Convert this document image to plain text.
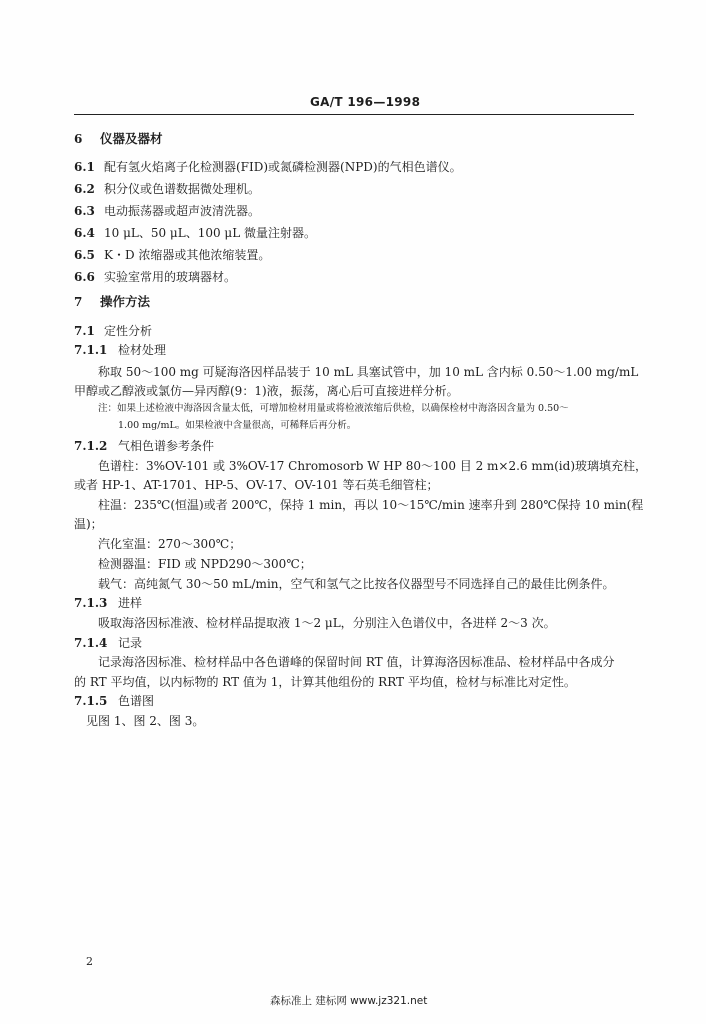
GA/T 196—1998
6 仪器及器材
6.1 配有氢火焰离子化检测器(FID)或氮磷检测器(NPD)的气相色谱仪。
6.2 积分仪或色谱数据微处理机。
6.3 电动振荡器或超声波清洗器。
6.4 10 μL、50 μL、100 μL 微量注射器。
6.5 K・D 浓缩器或其他浓缩装置。
6.6 实验室常用的玻璃器材。
7 操作方法
7.1 定性分析
7.1.1 检材处理
称取 50～100 mg 可疑海洛因样品装于 10 mL 具塞试管中，加 10 mL 含内标 0.50～1.00 mg/mL
甲醇或乙醇液或氯仿—异丙醇(9：1)液，振荡，离心后可直接进样分析。
注：如果上述检液中海洛因含量太低，可增加检材用量或将检液浓缩后供检，以确保检材中海洛因含量为 0.50～
1.00 mg/mL。如果检液中含量很高，可稀释后再分析。
7.1.2 气相色谱参考条件
色谱柱：3%OV-101 或 3%OV-17 Chromosorb W HP 80～100 目 2 m×2.6 mm(id)玻璃填充柱，
或者 HP-1、AT-1701、HP-5、OV-17、OV-101 等石英毛细管柱；
柱温：235℃(恒温)或者 200℃，保持 1 min，再以 10～15℃/min 速率升到 280℃保持 10 min(程
温)；
汽化室温：270～300℃；
检测器温：FID 或 NPD290～300℃；
载气：高纯氮气 30～50 mL/min，空气和氢气之比按各仪器型号不同选择自己的最佳比例条件。
7.1.3 进样
吸取海洛因标准液、检材样品提取液 1～2 μL，分别注入色谱仪中，各进样 2～3 次。
7.1.4 记录
记录海洛因标准、检材样品中各色谱峰的保留时间 RT 值，计算海洛因标准品、检材样品中各成分
的 RT 平均值，以内标物的 RT 值为 1，计算其他组份的 RRT 平均值，检材与标准比对定性。
7.1.5 色谱图
见图 1、图 2、图 3。
2
森标准上 建标网 www.jz321.net
